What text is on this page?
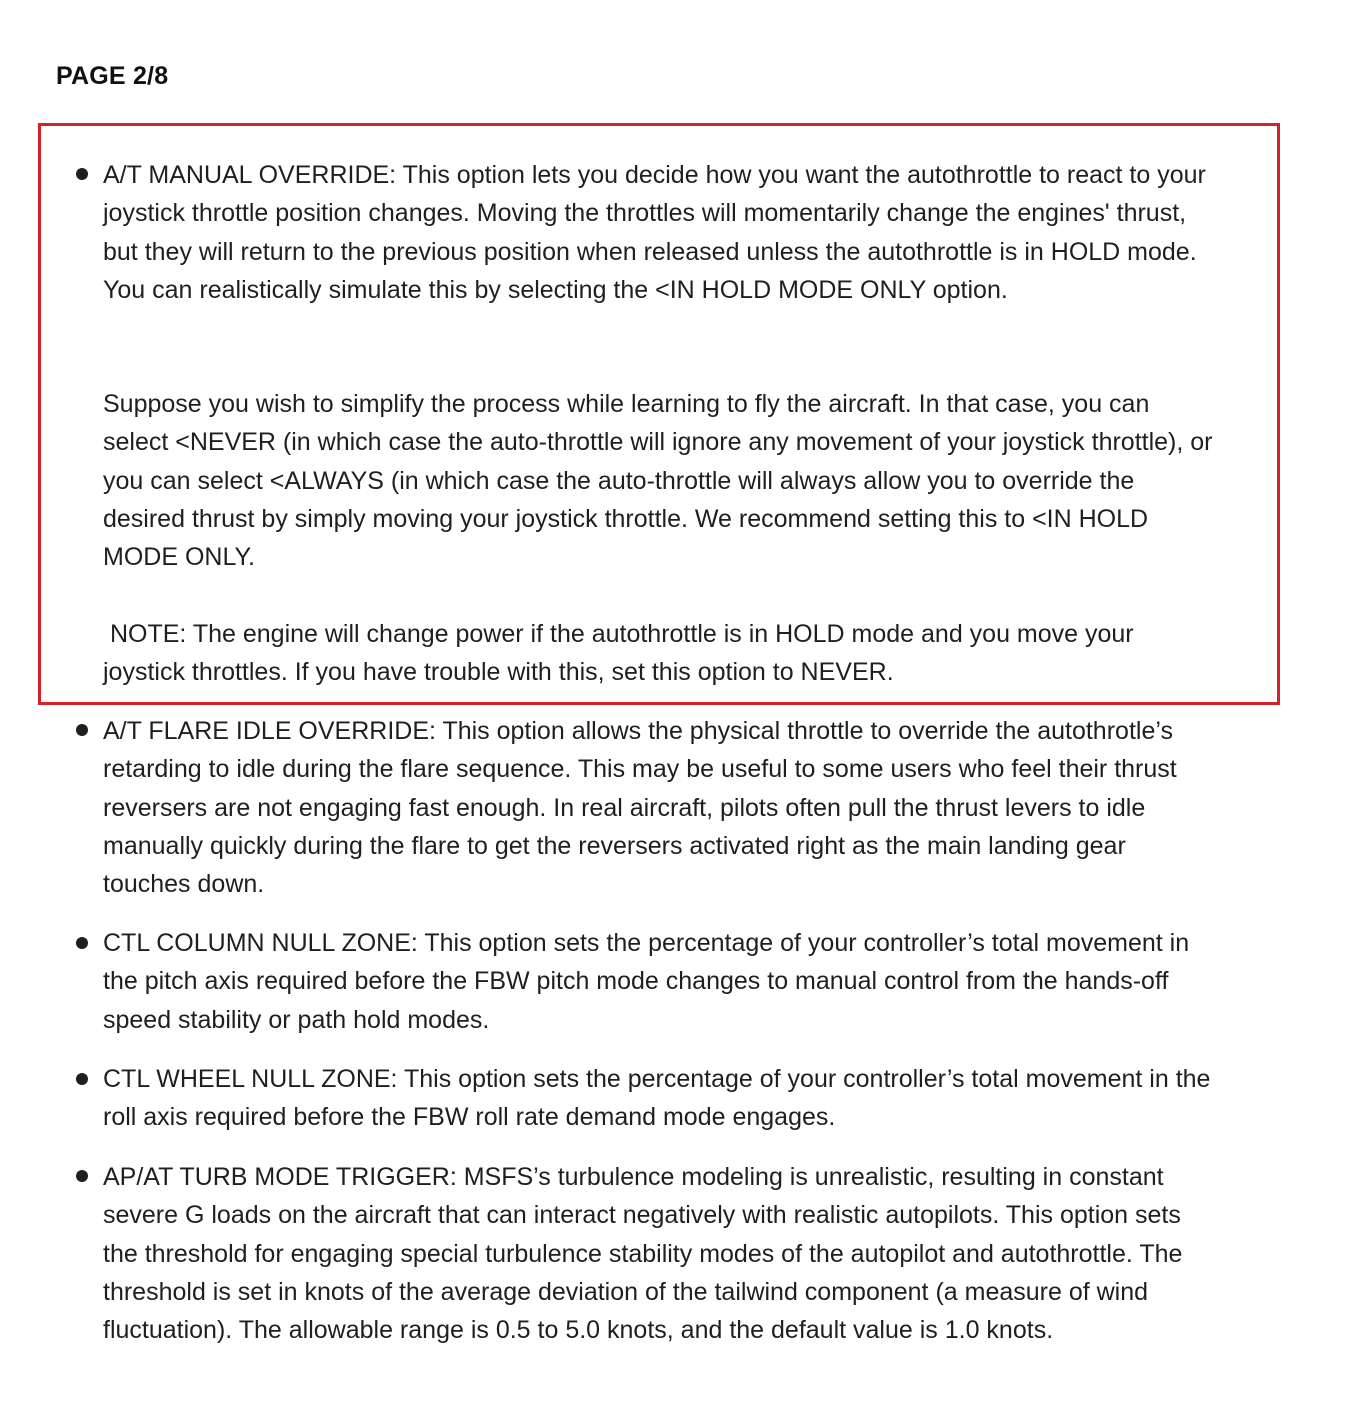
PAGE 2/8

A/T MANUAL OVERRIDE: This option lets you decide how you want the autothrottle to react to your joystick throttle position changes. Moving the throttles will momentarily change the engines' thrust, but they will return to the previous position when released unless the autothrottle is in HOLD mode. You can realistically simulate this by selecting the <IN HOLD MODE ONLY option.

Suppose you wish to simplify the process while learning to fly the aircraft. In that case, you can select <NEVER (in which case the auto-throttle will ignore any movement of your joystick throttle), or you can select <ALWAYS (in which case the auto-throttle will always allow you to override the desired thrust by simply moving your joystick throttle. We recommend setting this to <IN HOLD MODE ONLY.

NOTE: The engine will change power if the autothrottle is in HOLD mode and you move your joystick throttles. If you have trouble with this, set this option to NEVER.

A/T FLARE IDLE OVERRIDE: This option allows the physical throttle to override the autothrotle’s retarding to idle during the flare sequence. This may be useful to some users who feel their thrust reversers are not engaging fast enough. In real aircraft, pilots often pull the thrust levers to idle manually quickly during the flare to get the reversers activated right as the main landing gear touches down.

CTL COLUMN NULL ZONE: This option sets the percentage of your controller’s total movement in the pitch axis required before the FBW pitch mode changes to manual control from the hands-off speed stability or path hold modes.

CTL WHEEL NULL ZONE: This option sets the percentage of your controller’s total movement in the roll axis required before the FBW roll rate demand mode engages.

AP/AT TURB MODE TRIGGER: MSFS’s turbulence modeling is unrealistic, resulting in constant severe G loads on the aircraft that can interact negatively with realistic autopilots. This option sets the threshold for engaging special turbulence stability modes of the autopilot and autothrottle. The threshold is set in knots of the average deviation of the tailwind component (a measure of wind fluctuation). The allowable range is 0.5 to 5.0 knots, and the default value is 1.0 knots.
